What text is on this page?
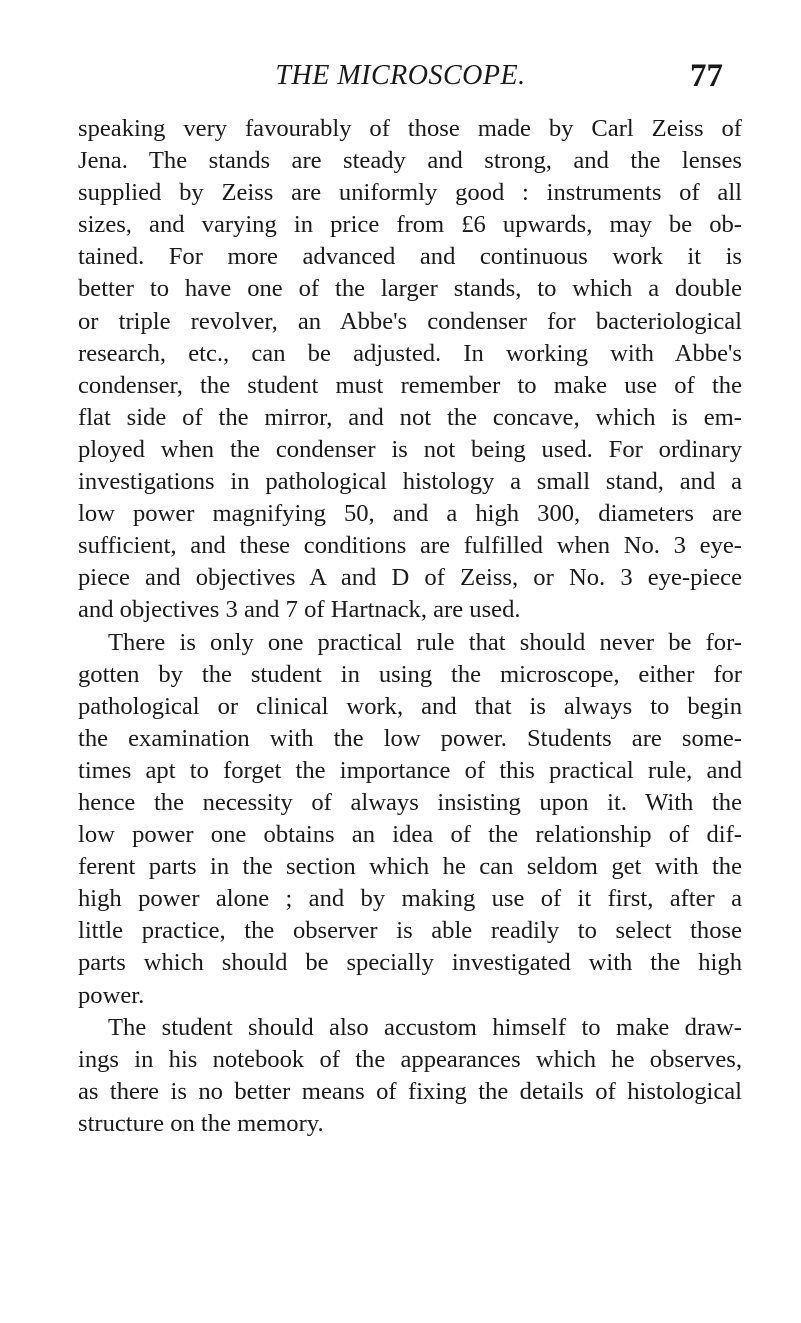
THE MICROSCOPE.	77
speaking very favourably of those made by Carl Zeiss of
Jena. The stands are steady and strong, and the lenses
supplied by Zeiss are uniformly good : instruments of all
sizes, and varying in price from £6 upwards, may be ob-
tained. For more advanced and continuous work it is
better to have one of the larger stands, to which a double
or triple revolver, an Abbe's condenser for bacteriological
research, etc., can be adjusted. In working with Abbe's
condenser, the student must remember to make use of the
flat side of the mirror, and not the concave, which is em-
ployed when the condenser is not being used. For ordinary
investigations in pathological histology a small stand, and a
low power magnifying 50, and a high 300, diameters are
sufficient, and these conditions are fulfilled when No. 3 eye-
piece and objectives A and D of Zeiss, or No. 3 eye-piece
and objectives 3 and 7 of Hartnack, are used.
There is only one practical rule that should never be for-
gotten by the student in using the microscope, either for
pathological or clinical work, and that is always to begin
the examination with the low power. Students are some-
times apt to forget the importance of this practical rule, and
hence the necessity of always insisting upon it. With the
low power one obtains an idea of the relationship of dif-
ferent parts in the section which he can seldom get with the
high power alone ; and by making use of it first, after a
little practice, the observer is able readily to select those
parts which should be specially investigated with the high
power.
The student should also accustom himself to make draw-
ings in his notebook of the appearances which he observes,
as there is no better means of fixing the details of histological
structure on the memory.
